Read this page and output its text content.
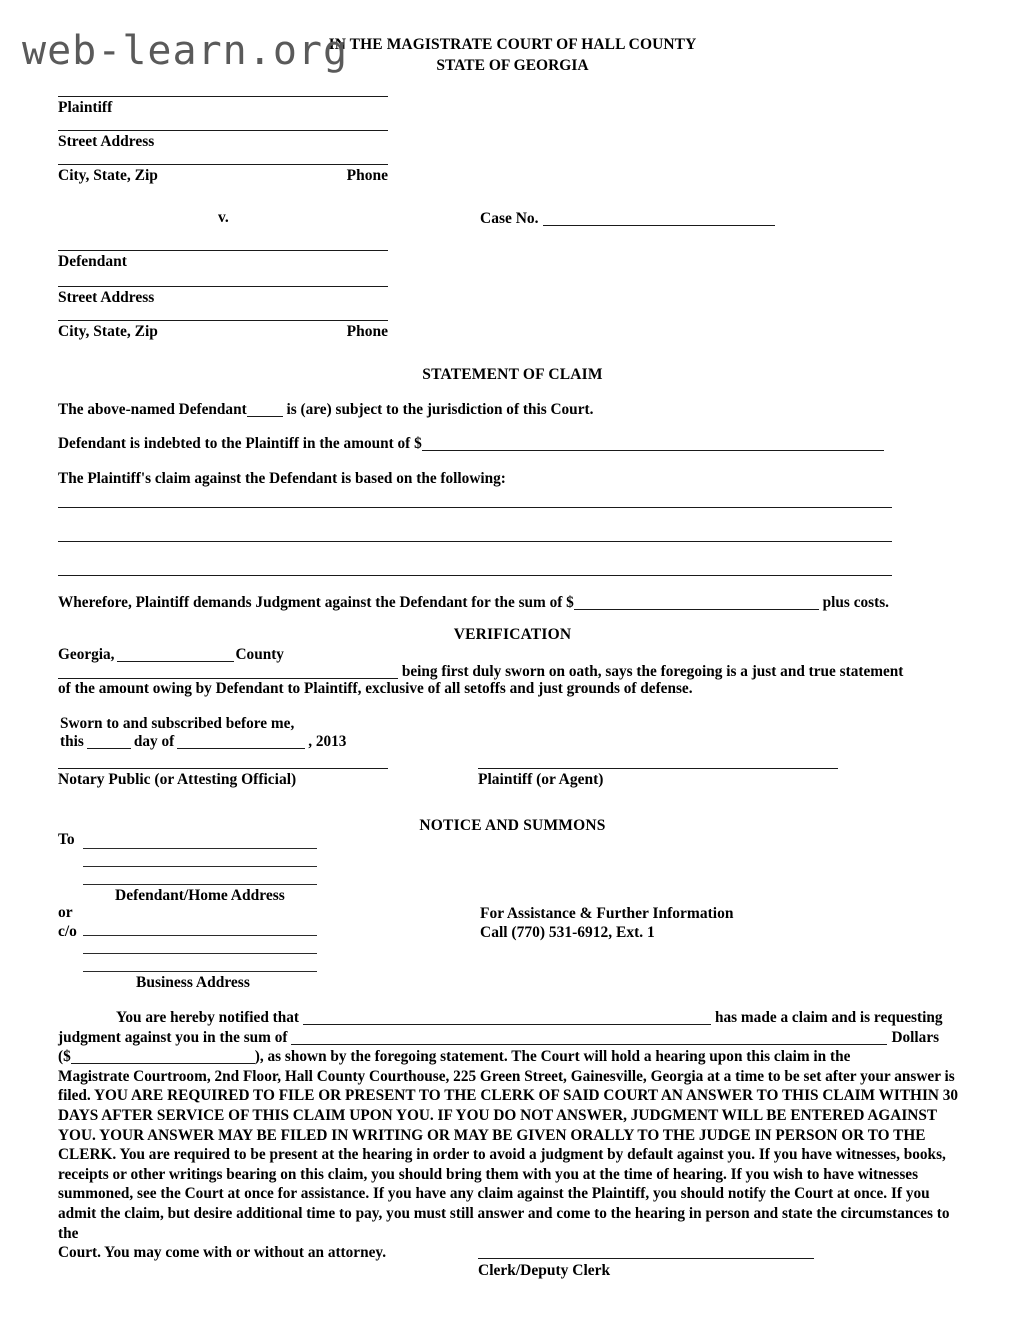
web-learn.org
IN THE MAGISTRATE COURT OF HALL COUNTY
STATE OF GEORGIA
Plaintiff
Street Address
City, State, Zip	Phone
v.	Case No.
Defendant
Street Address
City, State, Zip	Phone
STATEMENT OF CLAIM
The above-named Defendant	is (are) subject to the jurisdiction of this Court.
Defendant is indebted to the Plaintiff in the amount of $
The Plaintiff's claim against the Defendant is based on the following:
Wherefore, Plaintiff demands Judgment against the Defendant for the sum of $	plus costs.
VERIFICATION
Georgia,	County
being first duly sworn on oath, says the foregoing is a just and true statement
of the amount owing by Defendant to Plaintiff, exclusive of all setoffs and just grounds of defense.
Sworn to and subscribed before me,
this	day of	, 2013
Notary Public (or Attesting Official)	Plaintiff (or Agent)
NOTICE AND SUMMONS
To
Defendant/Home Address
or
c/o
Business Address
For Assistance & Further Information
Call (770) 531-6912, Ext. 1
You are hereby notified that	has made a claim and is requesting
judgment against you in the sum of	Dollars
($	), as shown by the foregoing statement. The Court will hold a hearing upon this claim in the
Magistrate Courtroom, 2nd Floor, Hall County Courthouse, 225 Green Street, Gainesville, Georgia at a time to be set after your answer is
filed. YOU ARE REQUIRED TO FILE OR PRESENT TO THE CLERK OF SAID COURT AN ANSWER TO THIS CLAIM WITHIN 30
DAYS AFTER SERVICE OF THIS CLAIM UPON YOU. IF YOU DO NOT ANSWER, JUDGMENT WILL BE ENTERED AGAINST
YOU. YOUR ANSWER MAY BE FILED IN WRITING OR MAY BE GIVEN ORALLY TO THE JUDGE IN PERSON OR TO THE
CLERK. You are required to be present at the hearing in order to avoid a judgment by default against you. If you have witnesses, books,
receipts or other writings bearing on this claim, you should bring them with you at the time of hearing. If you wish to have witnesses
summoned, see the Court at once for assistance. If you have any claim against the Plaintiff, you should notify the Court at once. If you
admit the claim, but desire additional time to pay, you must still answer and come to the hearing in person and state the circumstances to the
Court. You may come with or without an attorney.
Clerk/Deputy Clerk
